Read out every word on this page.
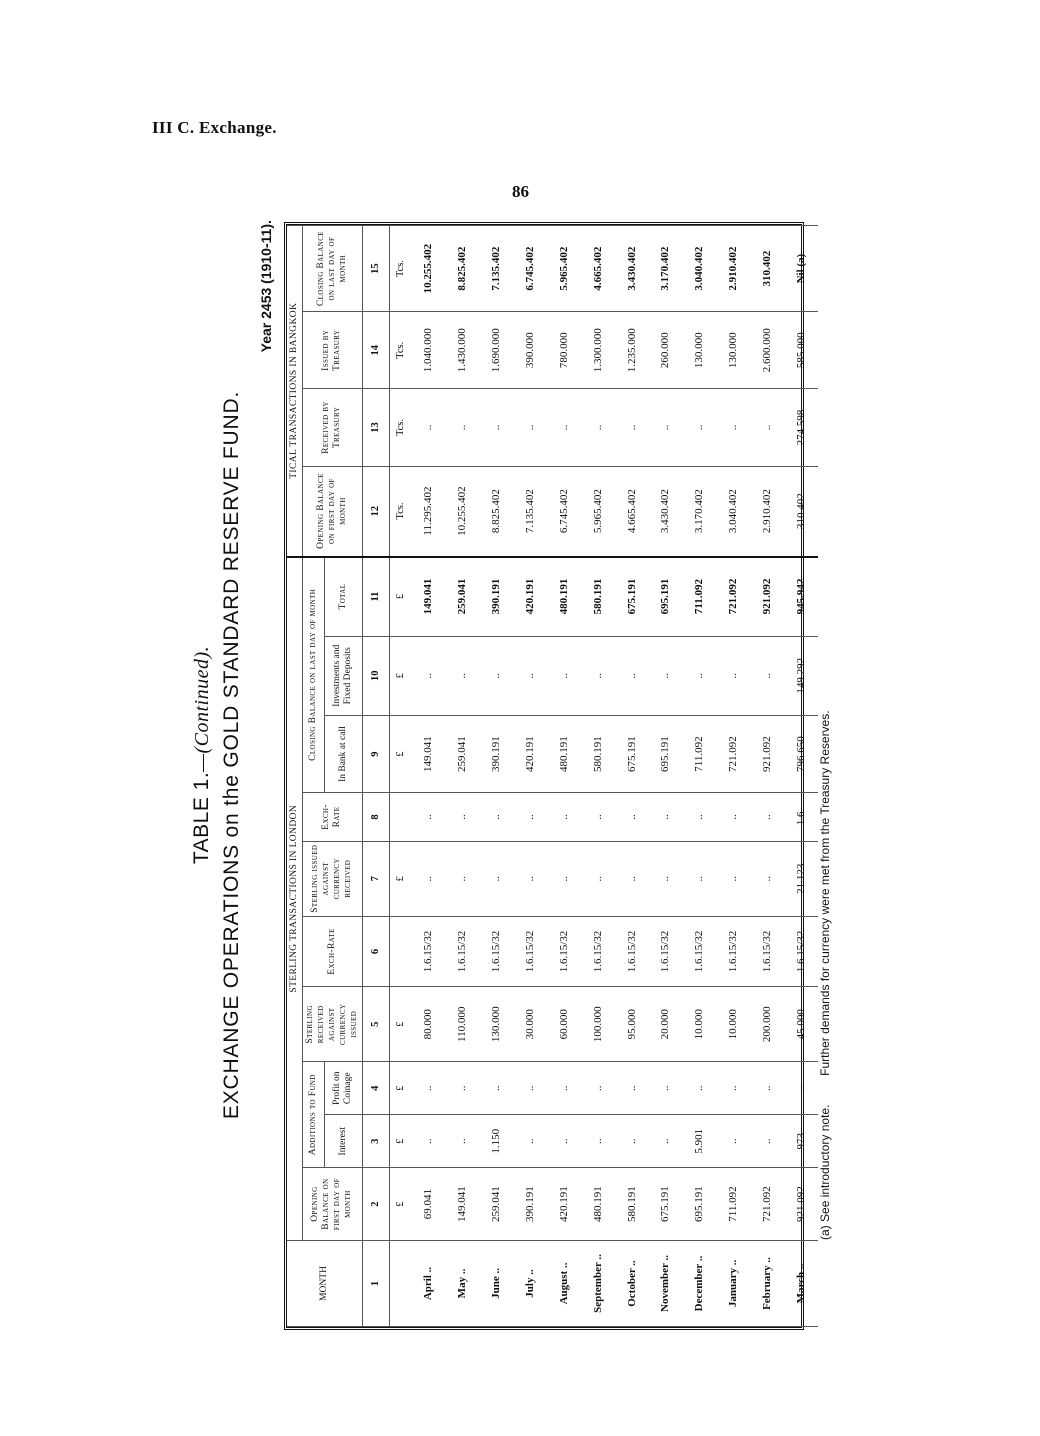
III C. Exchange.
86
TABLE 1.—(Continued). EXCHANGE OPERATIONS on the GOLD STANDARD RESERVE FUND.
Year 2453 (1910-11).
MONTH	STERLING TRANSACTIONS IN LONDON										TICAL TRANSACTIONS IN BANGKOK			
	Opening Balance on first day of month	Additions to Fund		Sterling received against currency issued	Exch-Rate	Sterling issued against currency received	Exch-Rate	Closing Balance on last day of month			Opening Balance on first day of month	Received by Treasury	Issued by Treasury	Closing Balance on last day of month
		Interest	Profit on Coinage					In Bank at call	Investments and Fixed Deposits	Total				
1	2	3	4	5	6	7	8	9	10	11	12	13	14	15
	£	£	£	£		£		£	£	£	Tcs.	Tcs.	Tcs.	Tcs.
April ..	69.041	..	..	80.000	1.6.15/32	..	..	149.041	..	149.041	11.295.402	..	1.040.000	10.255.402
May ..	149.041	..	..	110.000	1.6.15/32	..	..	259.041	..	259.041	10.255.402	..	1.430.000	8.825.402
June ..	259.041	1.150	..	130.000	1.6.15/32	..	..	390.191	..	390.191	8.825.402	..	1.690.000	7.135.402
July ..	390.191	..	..	30.000	1.6.15/32	..	..	420.191	..	420.191	7.135.402	..	390.000	6.745.402
August ..	420.191	..	..	60.000	1.6.15/32	..	..	480.191	..	480.191	6.745.402	..	780.000	5.965.402
September ..	480.191	..	..	100.000	1.6.15/32	..	..	580.191	..	580.191	5.965.402	..	1.300.000	4.665.402
October ..	580.191	..	..	95.000	1.6.15/32	..	..	675.191	..	675.191	4.665.402	..	1.235.000	3.430.402
November ..	675.191	..	..	20.000	1.6.15/32	..	..	695.191	..	695.191	3.430.402	..	260.000	3.170.402
December ..	695.191	5.901	..	10.000	1.6.15/32	..	..	711.092	..	711.092	3.170.402	..	130.000	3.040.402
January ..	711.092	..	..	10.000	1.6.15/32	..	..	721.092	..	721.092	3.040.402	..	130.000	2.910.402
February ..	721.092	..	..	200.000	1.6.15/32	..	..	921.092	..	921.092	2.910.402	..	2.600.000	310.402
March ..	921.092	973	..	45.000	1.6.15/32	21.123	1.6.	796.650	149.292	945.942	310.402	274.598	585.000	Nil (a)
(a) See introductory note.  Further demands for currency were met from the Treasury Reserves.
